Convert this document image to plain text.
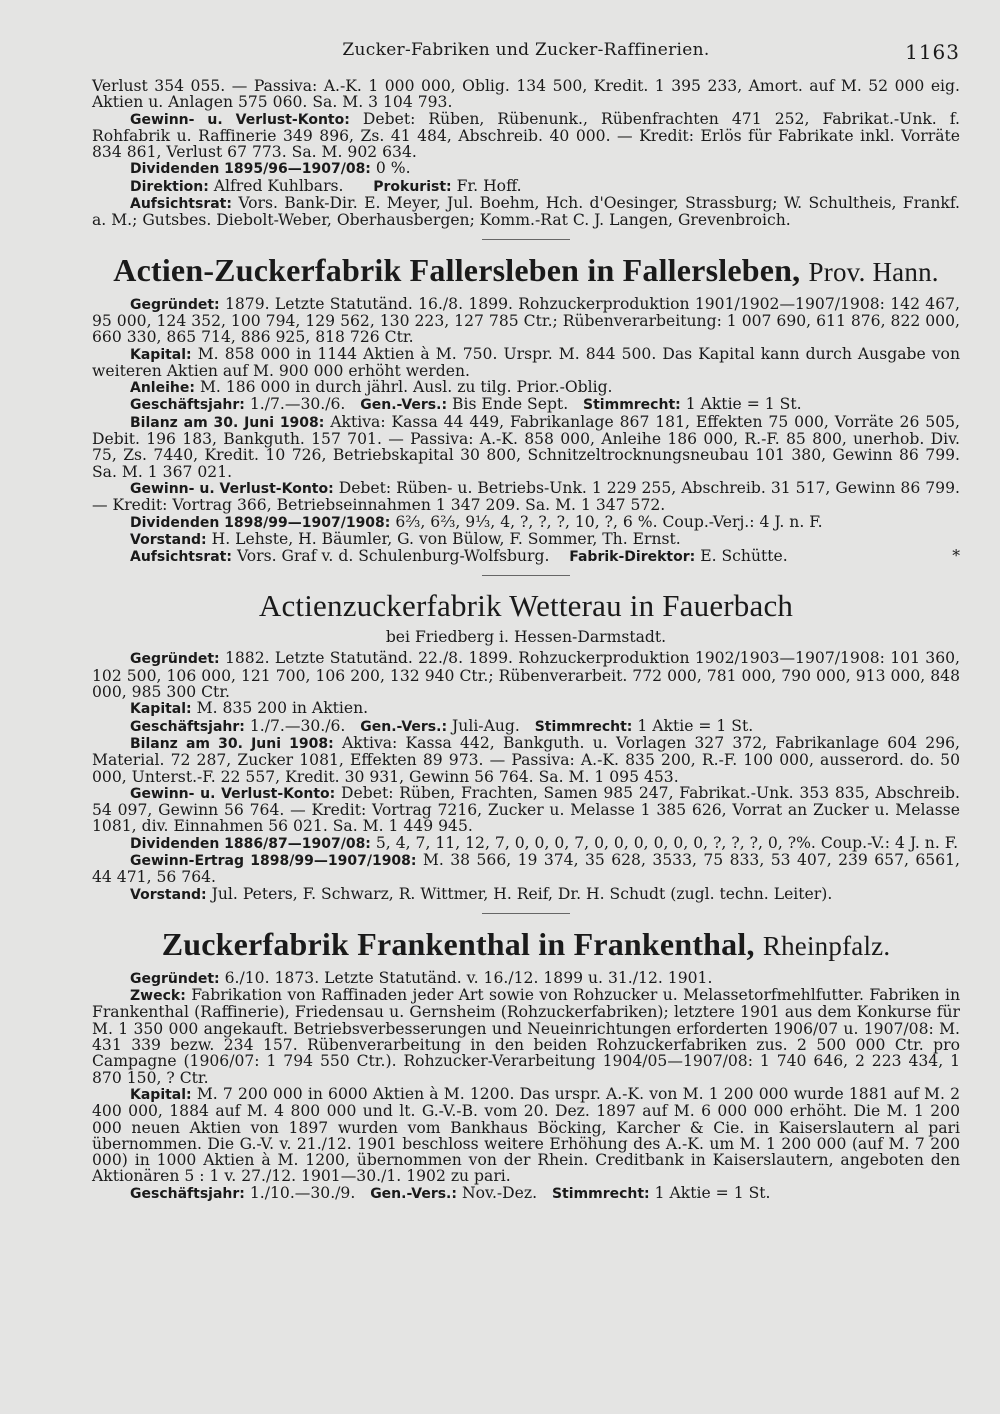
Zucker-Fabriken und Zucker-Raffinerien.	1163

Verlust 354 055. — Passiva: A.-K. 1 000 000, Oblig. 134 500, Kredit. 1 395 233, Amort. auf M. 52 000 eig. Aktien u. Anlagen 575 060. Sa. M. 3 104 793.

Gewinn- u. Verlust-Konto: Debet: Rüben, Rübenunk., Rübenfrachten 471 252, Fabrikat.-Unk. f. Rohfabrik u. Raffinerie 349 896, Zs. 41 484, Abschreib. 40 000. — Kredit: Erlös für Fabrikate inkl. Vorräte 834 861, Verlust 67 773. Sa. M. 902 634.

Dividenden 1895/96—1907/08: 0 %.

Direktion: Alfred Kuhlbars. Prokurist: Fr. Hoff.

Aufsichtsrat: Vors. Bank-Dir. E. Meyer, Jul. Boehm, Hch. d'Oesinger, Strassburg; W. Schultheis, Frankf. a. M.; Gutsbes. Diebolt-Weber, Oberhausbergen; Komm.-Rat C. J. Langen, Grevenbroich.

Actien-Zuckerfabrik Fallersleben in Fallersleben, Prov. Hann.

Gegründet: 1879. Letzte Statutänd. 16./8. 1899. Rohzuckerproduktion 1901/1902—1907/1908: 142 467, 95 000, 124 352, 100 794, 129 562, 130 223, 127 785 Ctr.; Rübenverarbeitung: 1 007 690, 611 876, 822 000, 660 330, 865 714, 886 925, 818 726 Ctr.

Kapital: M. 858 000 in 1144 Aktien à M. 750. Urspr. M. 844 500. Das Kapital kann durch Ausgabe von weiteren Aktien auf M. 900 000 erhöht werden.

Anleihe: M. 186 000 in durch jährl. Ausl. zu tilg. Prior.-Oblig.

Geschäftsjahr: 1./7.—30./6. Gen.-Vers.: Bis Ende Sept. Stimmrecht: 1 Aktie = 1 St.

Bilanz am 30. Juni 1908: Aktiva: Kassa 44 449, Fabrikanlage 867 181, Effekten 75 000, Vorräte 26 505, Debit. 196 183, Bankguth. 157 701. — Passiva: A.-K. 858 000, Anleihe 186 000, R.-F. 85 800, unerhob. Div. 75, Zs. 7440, Kredit. 10 726, Betriebskapital 30 800, Schnitzeltrocknungsneubau 101 380, Gewinn 86 799. Sa. M. 1 367 021.

Gewinn- u. Verlust-Konto: Debet: Rüben- u. Betriebs-Unk. 1 229 255, Abschreib. 31 517, Gewinn 86 799. — Kredit: Vortrag 366, Betriebseinnahmen 1 347 209. Sa. M. 1 347 572.

Dividenden 1898/99—1907/1908: 6⅔, 6⅔, 9⅓, 4, ?, ?, ?, 10, ?, 6 %. Coup.-Verj.: 4 J. n. F.

Vorstand: H. Lehste, H. Bäumler, G. von Bülow, F. Sommer, Th. Ernst.

Aufsichtsrat: Vors. Graf v. d. Schulenburg-Wolfsburg. Fabrik-Direktor: E. Schütte.	*

Actienzuckerfabrik Wetterau in Fauerbach
bei Friedberg i. Hessen-Darmstadt.

Gegründet: 1882. Letzte Statutänd. 22./8. 1899. Rohzuckerproduktion 1902/1903—1907/1908: 101 360, 102 500, 106 000, 121 700, 106 200, 132 940 Ctr.; Rübenverarbeit. 772 000, 781 000, 790 000, 913 000, 848 000, 985 300 Ctr.

Kapital: M. 835 200 in Aktien.

Geschäftsjahr: 1./7.—30./6. Gen.-Vers.: Juli-Aug. Stimmrecht: 1 Aktie = 1 St.

Bilanz am 30. Juni 1908: Aktiva: Kassa 442, Bankguth. u. Vorlagen 327 372, Fabrikanlage 604 296, Material. 72 287, Zucker 1081, Effekten 89 973. — Passiva: A.-K. 835 200, R.-F. 100 000, ausserord. do. 50 000, Unterst.-F. 22 557, Kredit. 30 931, Gewinn 56 764. Sa. M. 1 095 453.

Gewinn- u. Verlust-Konto: Debet: Rüben, Frachten, Samen 985 247, Fabrikat.-Unk. 353 835, Abschreib. 54 097, Gewinn 56 764. — Kredit: Vortrag 7216, Zucker u. Melasse 1 385 626, Vorrat an Zucker u. Melasse 1081, div. Einnahmen 56 021. Sa. M. 1 449 945.

Dividenden 1886/87—1907/08: 5, 4, 7, 11, 12, 7, 0, 0, 0, 7, 0, 0, 0, 0, 0, 0, ?, ?, ?, 0, ?%. Coup.-V.: 4 J. n. F.

Gewinn-Ertrag 1898/99—1907/1908: M. 38 566, 19 374, 35 628, 3533, 75 833, 53 407, 239 657, 6561, 44 471, 56 764.

Vorstand: Jul. Peters, F. Schwarz, R. Wittmer, H. Reif, Dr. H. Schudt (zugl. techn. Leiter).

Zuckerfabrik Frankenthal in Frankenthal, Rheinpfalz.

Gegründet: 6./10. 1873. Letzte Statutänd. v. 16./12. 1899 u. 31./12. 1901.

Zweck: Fabrikation von Raffinaden jeder Art sowie von Rohzucker u. Melassetorfmehlfutter. Fabriken in Frankenthal (Raffinerie), Friedensau u. Gernsheim (Rohzuckerfabriken); letztere 1901 aus dem Konkurse für M. 1 350 000 angekauft. Betriebsverbesserungen und Neueinrichtungen erforderten 1906/07 u. 1907/08: M. 431 339 bezw. 234 157. Rübenverarbeitung in den beiden Rohzuckerfabriken zus. 2 500 000 Ctr. pro Campagne (1906/07: 1 794 550 Ctr.). Rohzucker-Verarbeitung 1904/05—1907/08: 1 740 646, 2 223 434, 1 870 150, ? Ctr.

Kapital: M. 7 200 000 in 6000 Aktien à M. 1200. Das urspr. A.-K. von M. 1 200 000 wurde 1881 auf M. 2 400 000, 1884 auf M. 4 800 000 und lt. G.-V.-B. vom 20. Dez. 1897 auf M. 6 000 000 erhöht. Die M. 1 200 000 neuen Aktien von 1897 wurden vom Bankhaus Böcking, Karcher & Cie. in Kaiserslautern al pari übernommen. Die G.-V. v. 21./12. 1901 beschloss weitere Erhöhung des A.-K. um M. 1 200 000 (auf M. 7 200 000) in 1000 Aktien à M. 1200, übernommen von der Rhein. Creditbank in Kaiserslautern, angeboten den Aktionären 5 : 1 v. 27./12. 1901—30./1. 1902 zu pari.

Geschäftsjahr: 1./10.—30./9. Gen.-Vers.: Nov.-Dez. Stimmrecht: 1 Aktie = 1 St.
